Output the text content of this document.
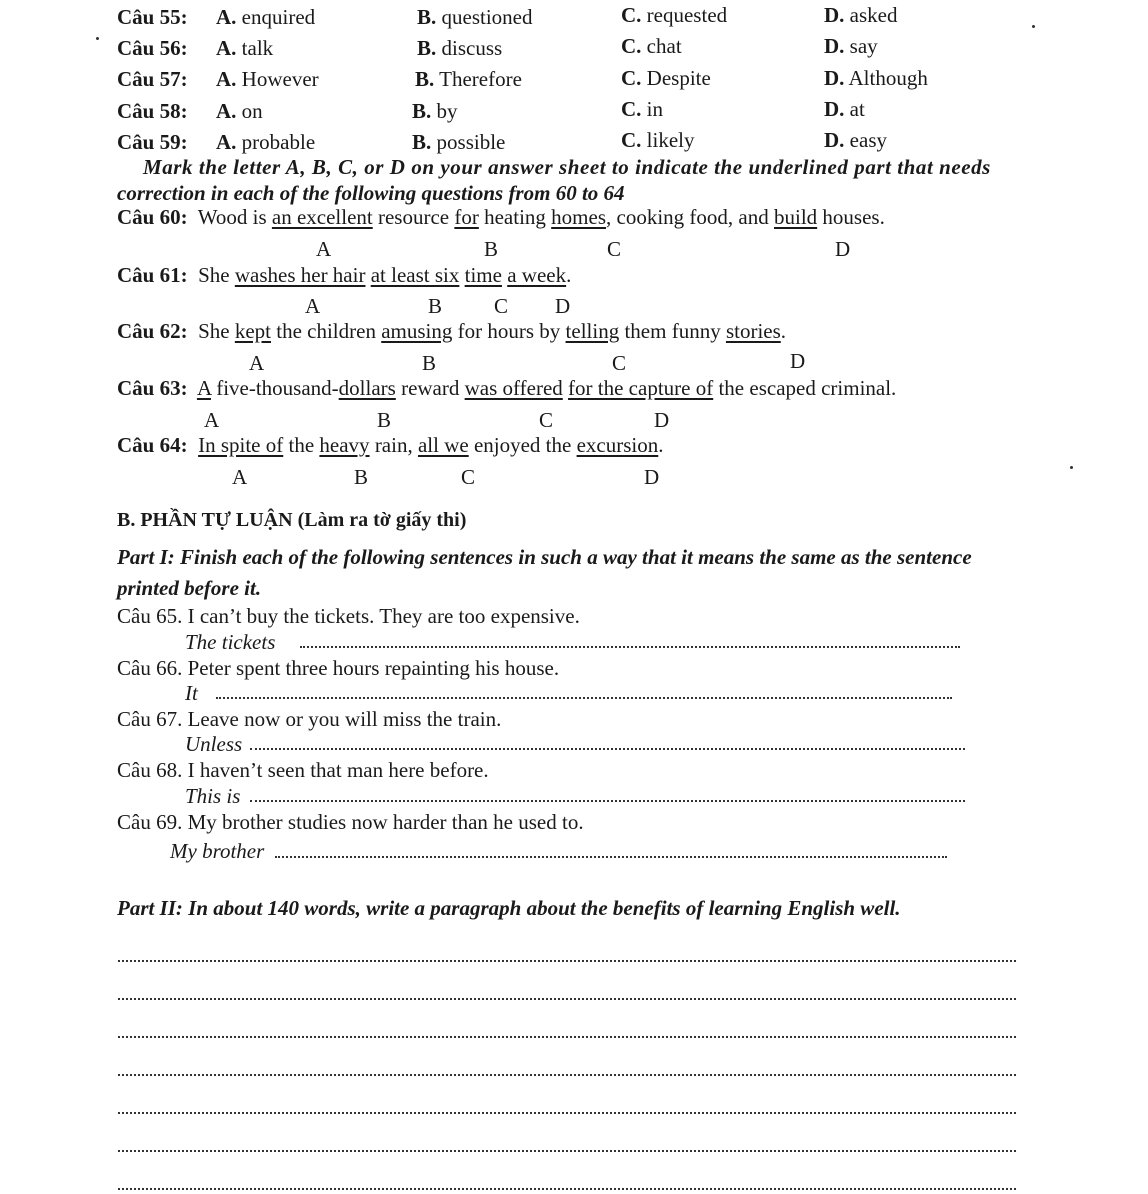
Câu 55: A. enquired	B. questioned	C. requested	D. asked
Câu 56: A. talk	B. discuss	C. chat	D. say
Câu 57: A. However	B. Therefore	C. Despite	D. Although
Câu 58: A. on	B. by	C. in	D. at
Câu 59: A. probable	B. possible	C. likely	D. easy
Mark the letter A, B, C, or D on your answer sheet to indicate the underlined part that needs
correction in each of the following questions from 60 to 64
Câu 60: Wood is an excellent resource for heating homes, cooking food, and build houses.
A	B	C	D
Câu 61: She washes her hair at least six time a week.
A	B C D
Câu 62: She kept the children amusing for hours by telling them funny stories.
A	B	C	D
Câu 63: A five-thousand-dollars reward was offered for the capture of the escaped criminal.
A	B	C	D
Câu 64: In spite of the heavy rain, all we enjoyed the excursion.
A	B	C	D
B. PHẦN TỰ LUẬN (Làm ra tờ giấy thi)
Part I: Finish each of the following sentences in such a way that it means the same as the sentence
printed before it.
Câu 65. I can’t buy the tickets. They are too expensive.
The tickets
Câu 66. Peter spent three hours repainting his house.
It
Câu 67. Leave now or you will miss the train.
Unless
Câu 68. I haven’t seen that man here before.
This is
Câu 69. My brother studies now harder than he used to.
My brother
Part II: In about 140 words, write a paragraph about the benefits of learning English well.
